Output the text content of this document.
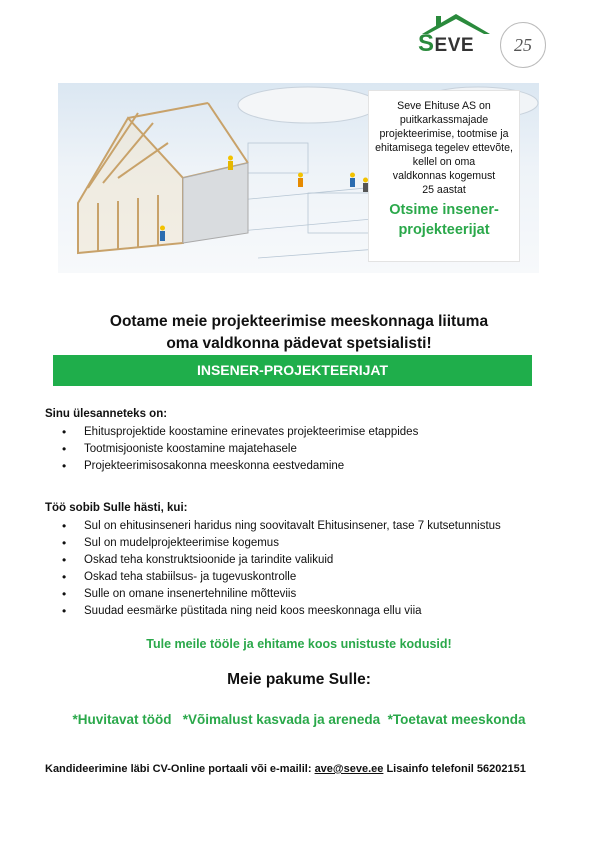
SEVE	25
Seve Ehituse AS on
puitkarkassmajade
projekteerimise, tootmise ja
ehitamisega tegelev ettevõte,
kellel on oma
valdkonnas kogemust
25 aastat
Otsime insener-
projekteerijat
Ootame meie projekteerimise meeskonnaga liituma
oma valdkonna pädevat spetsialisti!
INSENER-PROJEKTEERIJAT
Sinu ülesanneteks on:
• Ehitusprojektide koostamine erinevates projekteerimise etappides
• Tootmisjooniste koostamine majatehasele
• Projekteerimisosakonna meeskonna eestvedamine
Töö sobib Sulle hästi, kui:
• Sul on ehitusinseneri haridus ning soovitavalt Ehitusinsener, tase 7 kutsetunnistus
• Sul on mudelprojekteerimise kogemus
• Oskad teha konstruktsioonide ja tarindite valikuid
• Oskad teha stabiilsus- ja tugevuskontrolle
• Sulle on omane insenertehniline mõtteviis
• Suudad eesmärke püstitada ning neid koos meeskonnaga ellu viia
Tule meile tööle ja ehitame koos unistuste kodusid!
Meie pakume Sulle:
*Huvitavat tööd   *Võimalust kasvada ja areneda  *Toetavat meeskonda
Kandideerimine läbi CV-Online portaali või e-mailil: ave@seve.ee Lisainfo telefonil 56202151
